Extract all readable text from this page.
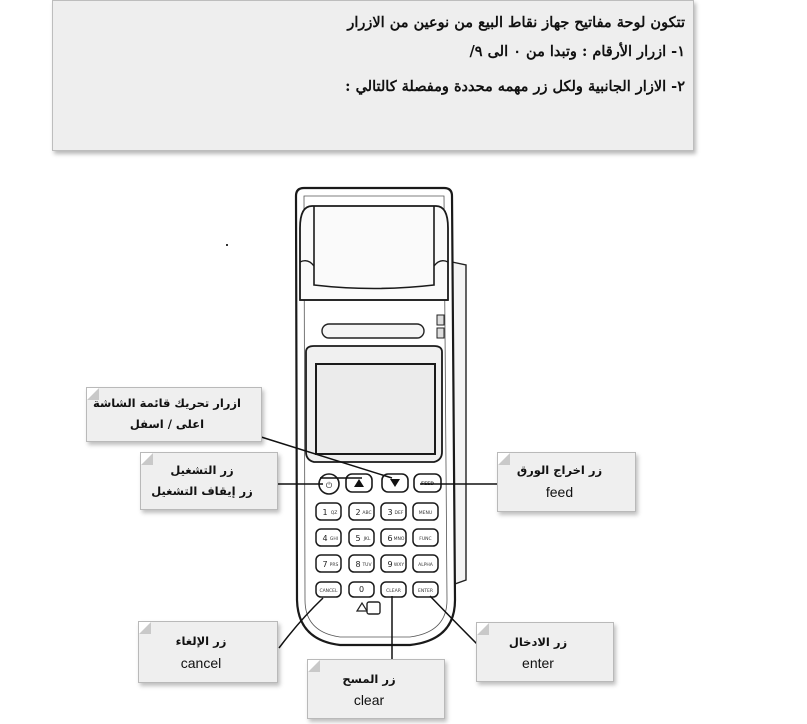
تتكون لوحة مفاتيح جهاز نقاط البيع من نوعين من الازرار
١- ازرار الأرقام : وتبدا من ٠ الى ٩/
٢- الازار الجانبية ولكل زر مهمه محددة ومفصلة كالتالي :
⏻	FEED
1 QZ 2 ABC 3 DEF	MENU
4 GHI 5 JKL 6 MNO	FUNC
7 PRS 8 TUV 9 WXY	ALPHA
CANCEL	0	CLEAR	ENTER
ازرار تحريك قائمة الشاشة
اعلى / اسفل
زر التشغيل
زر إيقاف التشغيل
زر اخراج الورق
feed
زر الإلغاء
cancel
زر المسح
clear
زر الادخال
enter
